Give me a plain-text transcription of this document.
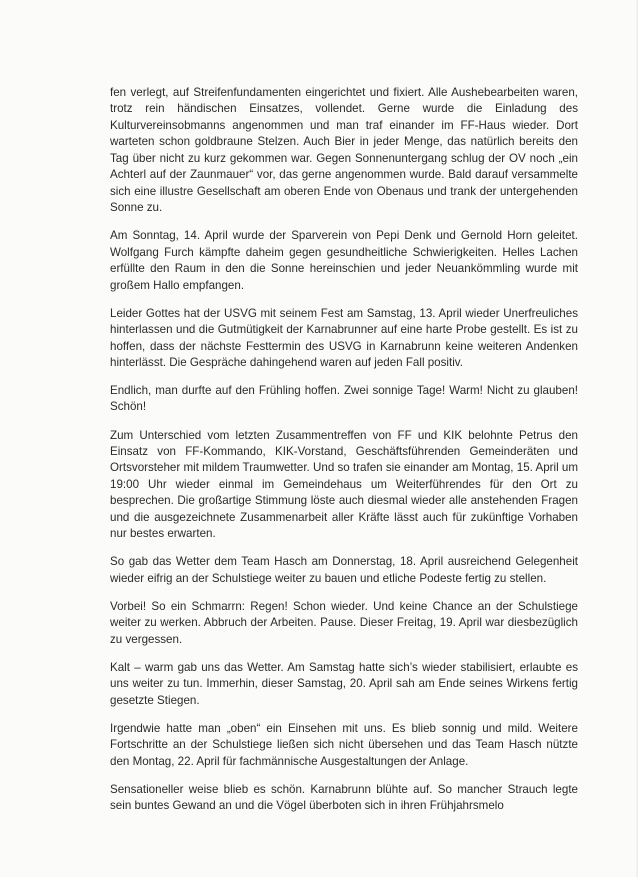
fen verlegt, auf Streifenfundamenten eingerichtet und fixiert. Alle Aushebearbeiten waren, trotz rein händischen Einsatzes, vollendet. Gerne wurde die Einladung des Kulturvereinsobmanns angenommen und man traf einander im FF-Haus wieder. Dort warteten schon goldbraune Stelzen. Auch Bier in jeder Menge, das natürlich bereits den Tag über nicht zu kurz gekommen war. Gegen Sonnenuntergang schlug der OV noch „ein Achterl auf der Zaunmauer“ vor, das gerne angenommen wurde. Bald darauf versammelte sich eine illustre Gesellschaft am oberen Ende von Obenaus und trank der untergehenden Sonne zu.

Am Sonntag, 14. April wurde der Sparverein von Pepi Denk und Gernold Horn geleitet. Wolfgang Furch kämpfte daheim gegen gesundheitliche Schwierigkeiten. Helles Lachen erfüllte den Raum in den die Sonne hereinschien und jeder Neuankömmling wurde mit großem Hallo empfangen.

Leider Gottes hat der USVG mit seinem Fest am Samstag, 13. April wieder Unerfreuliches hinterlassen und die Gutmütigkeit der Karnabrunner auf eine harte Probe gestellt. Es ist zu hoffen, dass der nächste Festtermin des USVG in Karnabrunn keine weiteren Andenken hinterlässt. Die Gespräche dahingehend waren auf jeden Fall positiv.

Endlich, man durfte auf den Frühling hoffen. Zwei sonnige Tage! Warm! Nicht zu glauben! Schön!

Zum Unterschied vom letzten Zusammentreffen von FF und KIK belohnte Petrus den Einsatz von FF-Kommando, KIK-Vorstand, Geschäftsführenden Gemeinderäten und Ortsvorsteher mit mildem Traumwetter. Und so trafen sie einander am Montag, 15. April um 19:00 Uhr wieder einmal im Gemeindehaus um Weiterführendes für den Ort zu besprechen. Die großartige Stimmung löste auch diesmal wieder alle anstehenden Fragen und die ausgezeichnete Zusammenarbeit aller Kräfte lässt auch für zukünftige Vorhaben nur bestes erwarten.

So gab das Wetter dem Team Hasch am Donnerstag, 18. April ausreichend Gelegenheit wieder eifrig an der Schulstiege weiter zu bauen und etliche Podeste fertig zu stellen.

Vorbei! So ein Schmarrn: Regen! Schon wieder. Und keine Chance an der Schulstiege weiter zu werken. Abbruch der Arbeiten. Pause. Dieser Freitag, 19. April war diesbezüglich zu vergessen.

Kalt – warm gab uns das Wetter. Am Samstag hatte sich’s wieder stabilisiert, erlaubte es uns weiter zu tun. Immerhin, dieser Samstag, 20. April sah am Ende seines Wirkens fertig gesetzte Stiegen.

Irgendwie hatte man „oben“ ein Einsehen mit uns. Es blieb sonnig und mild. Weitere Fortschritte an der Schulstiege ließen sich nicht übersehen und das Team Hasch nützte den Montag, 22. April für fachmännische Ausgestaltungen der Anlage.

Sensationeller weise blieb es schön. Karnabrunn blühte auf. So mancher Strauch legte sein buntes Gewand an und die Vögel überboten sich in ihren Frühjahrsmelo
